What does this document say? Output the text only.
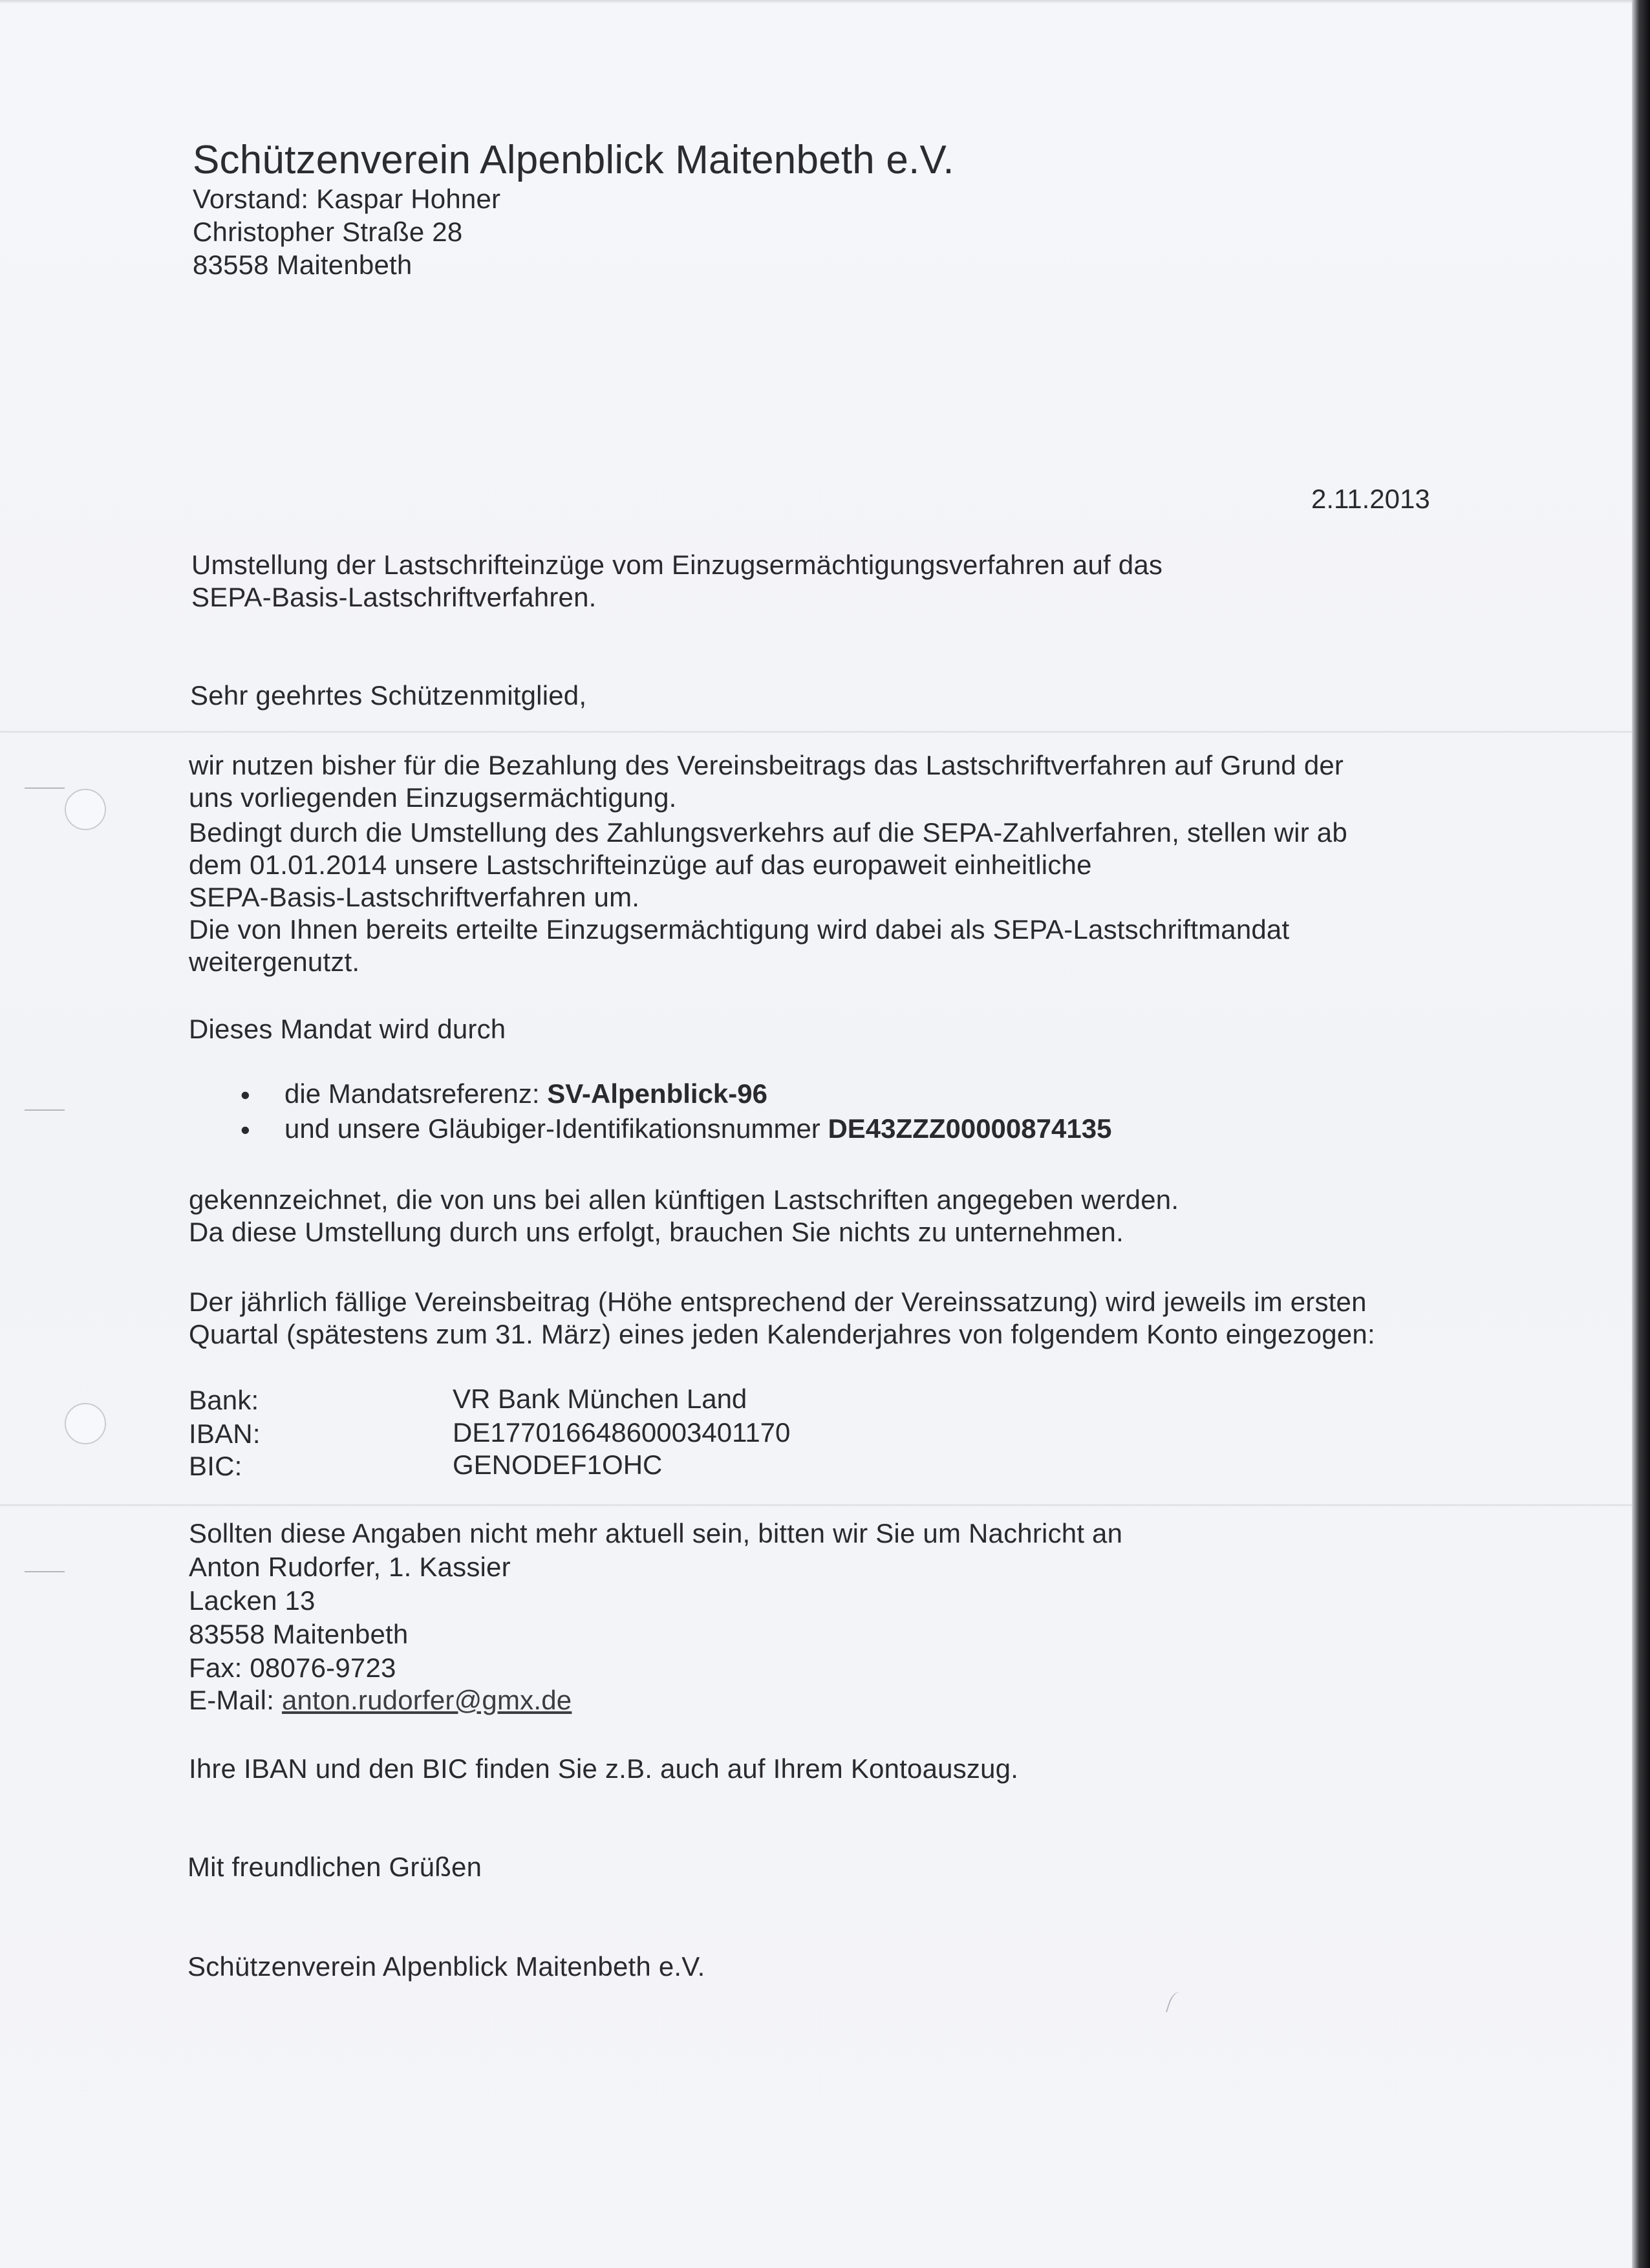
Schützenverein Alpenblick Maitenbeth e.V.
Vorstand: Kaspar Hohner
Christopher Straße 28
83558 Maitenbeth
2.11.2013
Umstellung der Lastschrifteinzüge vom Einzugsermächtigungsverfahren auf das
SEPA-Basis-Lastschriftverfahren.
Sehr geehrtes Schützenmitglied,
wir nutzen bisher für die Bezahlung des Vereinsbeitrags das Lastschriftverfahren auf Grund der
uns vorliegenden Einzugsermächtigung.
Bedingt durch die Umstellung des Zahlungsverkehrs auf die SEPA-Zahlverfahren, stellen wir ab
dem 01.01.2014 unsere Lastschrifteinzüge auf das europaweit einheitliche
SEPA-Basis-Lastschriftverfahren um.
Die von Ihnen bereits erteilte Einzugsermächtigung wird dabei als SEPA-Lastschriftmandat
weitergenutzt.
Dieses Mandat wird durch
• die Mandatsreferenz: SV-Alpenblick-96
• und unsere Gläubiger-Identifikationsnummer DE43ZZZ00000874135
gekennzeichnet, die von uns bei allen künftigen Lastschriften angegeben werden.
Da diese Umstellung durch uns erfolgt, brauchen Sie nichts zu unternehmen.
Der jährlich fällige Vereinsbeitrag (Höhe entsprechend der Vereinssatzung) wird jeweils im ersten
Quartal (spätestens zum 31. März) eines jeden Kalenderjahres von folgendem Konto eingezogen:
Bank:	VR Bank München Land
IBAN:	DE17701664860003401170
BIC:	GENODEF1OHC
Sollten diese Angaben nicht mehr aktuell sein, bitten wir Sie um Nachricht an
Anton Rudorfer, 1. Kassier
Lacken 13
83558 Maitenbeth
Fax: 08076-9723
E-Mail: anton.rudorfer@gmx.de
Ihre IBAN und den BIC finden Sie z.B. auch auf Ihrem Kontoauszug.
Mit freundlichen Grüßen
Schützenverein Alpenblick Maitenbeth e.V.
